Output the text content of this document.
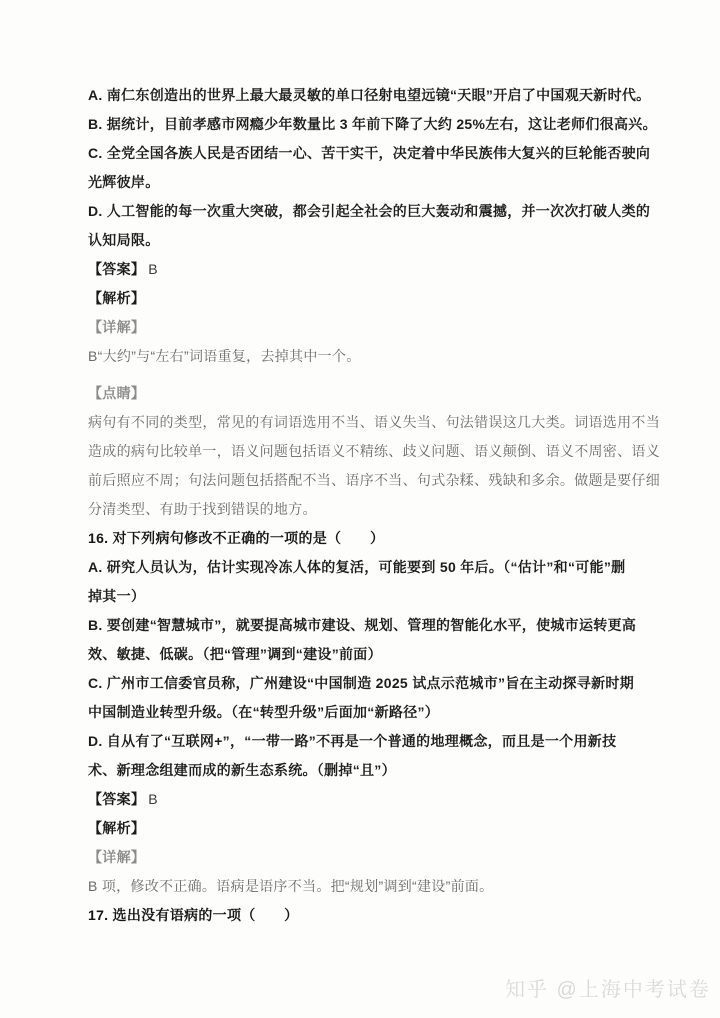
A. 南仁东创造出的世界上最大最灵敏的单口径射电望远镜“天眼”开启了中国观天新时代。
B. 据统计，目前孝感市网瘾少年数量比 3 年前下降了大约 25%左右，这让老师们很高兴。
C. 全党全国各族人民是否团结一心、苦干实干，决定着中华民族伟大复兴的巨轮能否驶向
光辉彼岸。
D. 人工智能的每一次重大突破，都会引起全社会的巨大轰动和震撼，并一次次打破人类的
认知局限。
【答案】 B
【解析】
【详解】
B“大约”与“左右”词语重复，去掉其中一个。
【点睛】
病句有不同的类型，常见的有词语选用不当、语义失当、句法错误这几大类。词语选用不当
造成的病句比较单一，语义问题包括语义不精练、歧义问题、语义颠倒、语义不周密、语义
前后照应不周；句法问题包括搭配不当、语序不当、句式杂糅、残缺和多余。做题是要仔细
分清类型、有助于找到错误的地方。
16. 对下列病句修改不正确的一项的是（　　）
A. 研究人员认为，估计实现冷冻人体的复活，可能要到 50 年后。（“估计”和“可能”删
掉其一）
B. 要创建“智慧城市”，就要提高城市建设、规划、管理的智能化水平，使城市运转更高
效、敏捷、低碳。（把“管理”调到“建设”前面）
C. 广州市工信委官员称，广州建设“中国制造 2025 试点示范城市”旨在主动探寻新时期
中国制造业转型升级。（在“转型升级”后面加“新路径”）
D. 自从有了“互联网+”，“一带一路”不再是一个普通的地理概念，而且是一个用新技
术、新理念组建而成的新生态系统。（删掉“且”）
【答案】 B
【解析】
【详解】
B 项，修改不正确。语病是语序不当。把“规划”调到“建设”前面。
17. 选出没有语病的一项（　　）
知乎 @上海中考试卷
